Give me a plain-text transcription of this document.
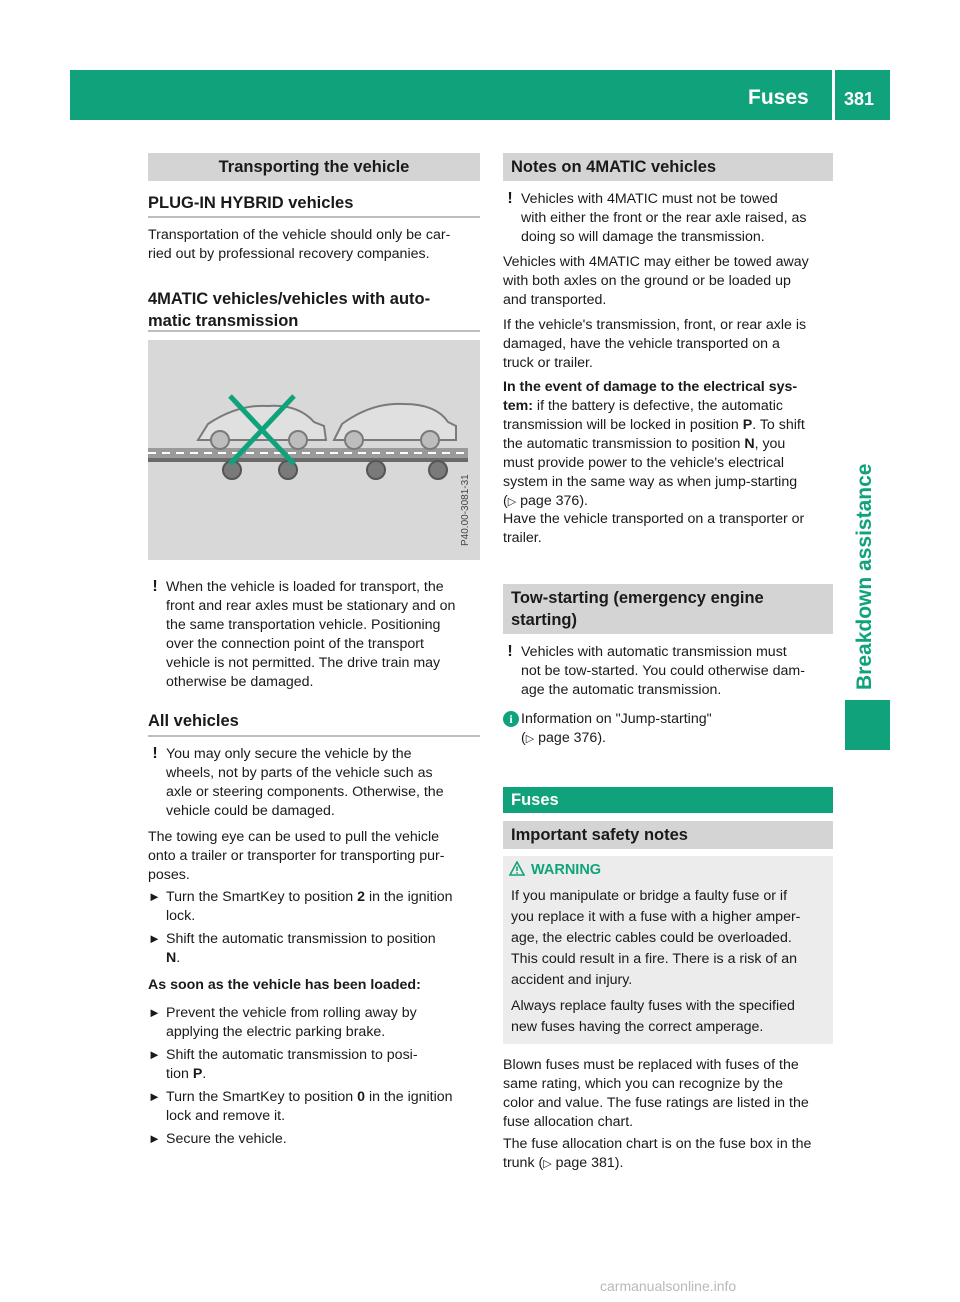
Fuses 381
Breakdown assistance
Transporting the vehicle
PLUG-IN HYBRID vehicles

Transportation of the vehicle should only be car-
ried out by professional recovery companies.

4MATIC vehicles/vehicles with auto-
matic transmission
P40.00-3081-31
! When the vehicle is loaded for transport, the
front and rear axles must be stationary and on
the same transportation vehicle. Positioning
over the connection point of the transport
vehicle is not permitted. The drive train may
otherwise be damaged.

All vehicles
! You may only secure the vehicle by the
wheels, not by parts of the vehicle such as
axle or steering components. Otherwise, the
vehicle could be damaged.

The towing eye can be used to pull the vehicle
onto a trailer or transporter for transporting pur-
poses.

► Turn the SmartKey to position 2 in the ignition
lock.

► Shift the automatic transmission to position
N.

As soon as the vehicle has been loaded:
► Prevent the vehicle from rolling away by
applying the electric parking brake.

► Shift the automatic transmission to posi-
tion P.

► Turn the SmartKey to position 0 in the ignition
lock and remove it.

► Secure the vehicle.

Notes on 4MATIC vehicles
! Vehicles with 4MATIC must not be towed
with either the front or the rear axle raised, as
doing so will damage the transmission.

Vehicles with 4MATIC may either be towed away
with both axles on the ground or be loaded up
and transported.

If the vehicle's transmission, front, or rear axle is
damaged, have the vehicle transported on a
truck or trailer.

In the event of damage to the electrical sys-
tem: if the battery is defective, the automatic
transmission will be locked in position P. To shift
the automatic transmission to position N, you
must provide power to the vehicle's electrical
system in the same way as when jump-starting
(▷ page 376).

Have the vehicle transported on a transporter or
trailer.

Tow-starting (emergency engine
starting)
! Vehicles with automatic transmission must
not be tow-started. You could otherwise dam-
age the automatic transmission.

i Information on "Jump-starting"
(▷ page 376).

Fuses
Important safety notes
WARNING

If you manipulate or bridge a faulty fuse or if
you replace it with a fuse with a higher amper-
age, the electric cables could be overloaded.
This could result in a fire. There is a risk of an
accident and injury.

Always replace faulty fuses with the specified
new fuses having the correct amperage.

Blown fuses must be replaced with fuses of the
same rating, which you can recognize by the
color and value. The fuse ratings are listed in the
fuse allocation chart.

The fuse allocation chart is on the fuse box in the
trunk (▷ page 381).

carmanualsonline.info
